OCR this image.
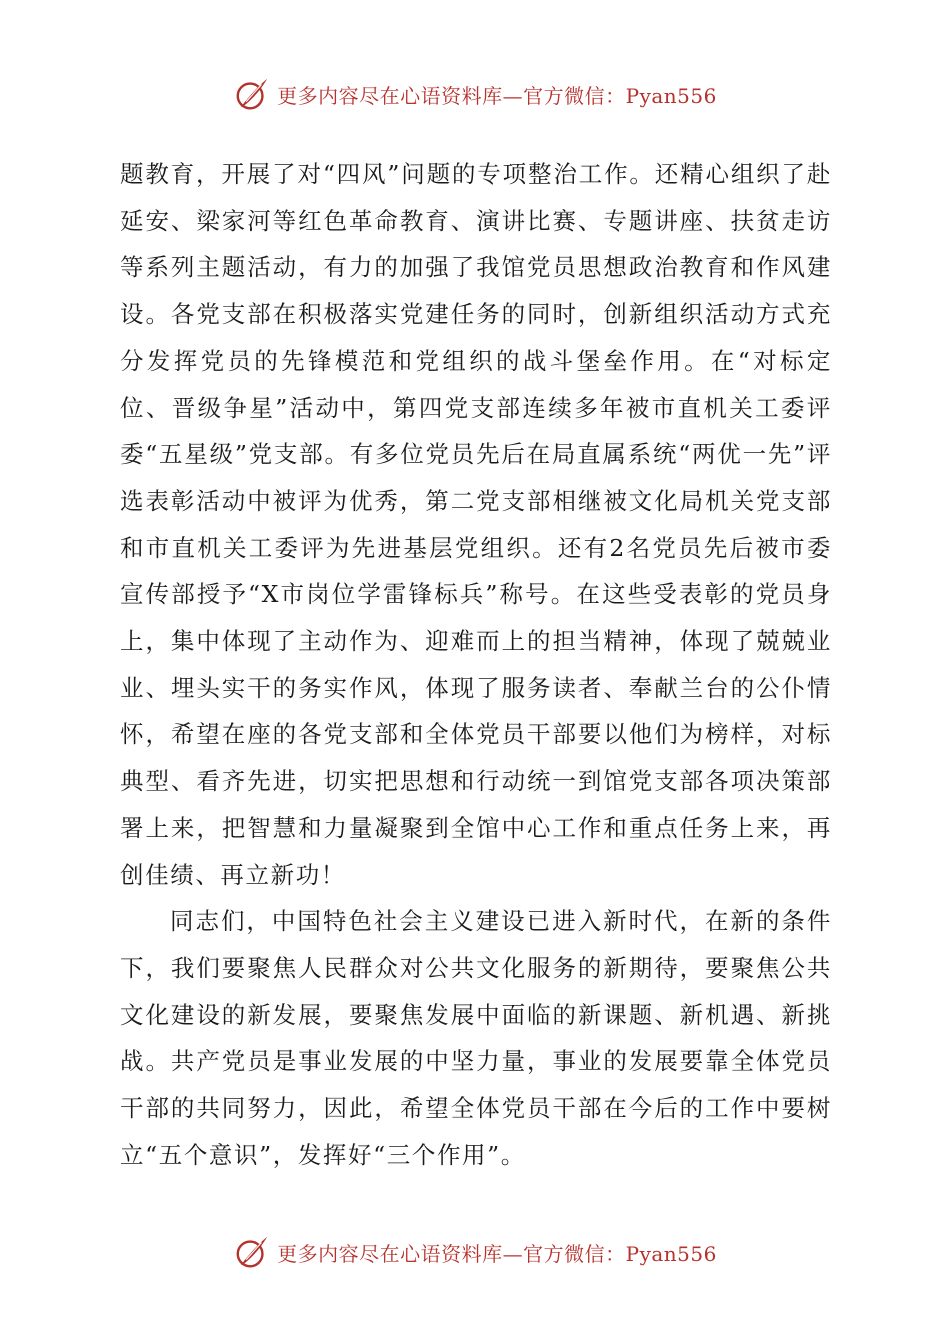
更多内容尽在心语资料库—官方微信：Pyan556

题教育，开展了对“四风”问题的专项整治工作。还精心组织了赴延安、梁家河等红色革命教育、演讲比赛、专题讲座、扶贫走访等系列主题活动，有力的加强了我馆党员思想政治教育和作风建设。各党支部在积极落实党建任务的同时，创新组织活动方式充分发挥党员的先锋模范和党组织的战斗堡垒作用。在“对标定位、晋级争星”活动中，第四党支部连续多年被市直机关工委评委“五星级”党支部。有多位党员先后在局直属系统“两优一先”评选表彰活动中被评为优秀，第二党支部相继被文化局机关党支部和市直机关工委评为先进基层党组织。还有2名党员先后被市委宣传部授予“X市岗位学雷锋标兵”称号。在这些受表彰的党员身上，集中体现了主动作为、迎难而上的担当精神，体现了兢兢业业、埋头实干的务实作风，体现了服务读者、奉献兰台的公仆情怀，希望在座的各党支部和全体党员干部要以他们为榜样，对标典型、看齐先进，切实把思想和行动统一到馆党支部各项决策部署上来，把智慧和力量凝聚到全馆中心工作和重点任务上来，再创佳绩、再立新功！

同志们，中国特色社会主义建设已进入新时代，在新的条件下，我们要聚焦人民群众对公共文化服务的新期待，要聚焦公共文化建设的新发展，要聚焦发展中面临的新课题、新机遇、新挑战。共产党员是事业发展的中坚力量，事业的发展要靠全体党员干部的共同努力，因此，希望全体党员干部在今后的工作中要树立“五个意识”，发挥好“三个作用”。

更多内容尽在心语资料库—官方微信：Pyan556
